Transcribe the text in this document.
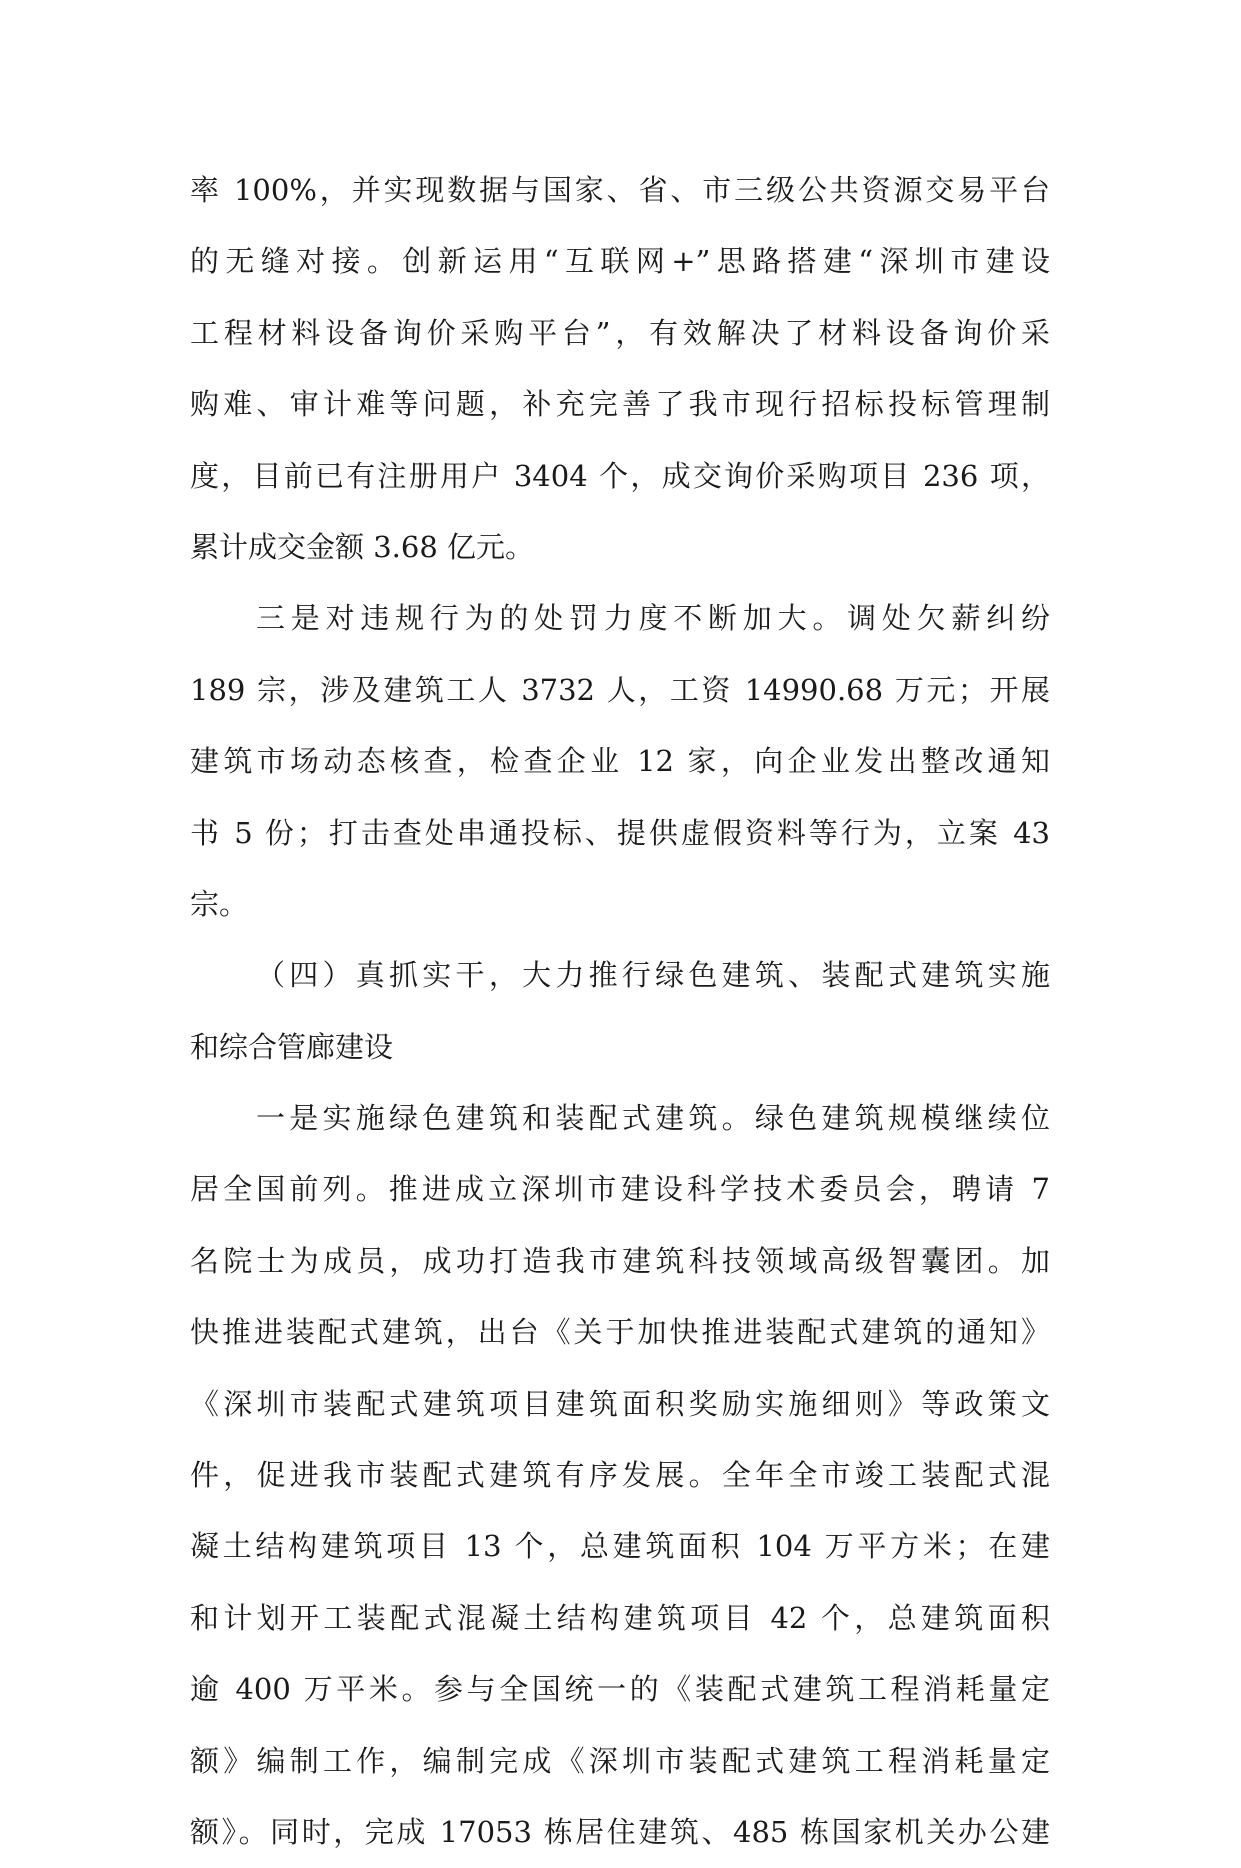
率 100%，并实现数据与国家、省、市三级公共资源交易平台
的无缝对接。创新运用“互联网+”思路搭建“深圳市建设
工程材料设备询价采购平台”，有效解决了材料设备询价采
购难、审计难等问题，补充完善了我市现行招标投标管理制
度，目前已有注册用户 3404 个，成交询价采购项目 236 项，
累计成交金额 3.68 亿元。
三是对违规行为的处罚力度不断加大。调处欠薪纠纷
189 宗，涉及建筑工人 3732 人，工资 14990.68 万元；开展
建筑市场动态核查，检查企业 12 家，向企业发出整改通知
书 5 份；打击查处串通投标、提供虚假资料等行为，立案 43
宗。
（四）真抓实干，大力推行绿色建筑、装配式建筑实施
和综合管廊建设
一是实施绿色建筑和装配式建筑。绿色建筑规模继续位
居全国前列。推进成立深圳市建设科学技术委员会，聘请 7
名院士为成员，成功打造我市建筑科技领域高级智囊团。加
快推进装配式建筑，出台《关于加快推进装配式建筑的通知》
《深圳市装配式建筑项目建筑面积奖励实施细则》等政策文
件，促进我市装配式建筑有序发展。全年全市竣工装配式混
凝土结构建筑项目 13 个，总建筑面积 104 万平方米；在建
和计划开工装配式混凝土结构建筑项目 42 个，总建筑面积
逾 400 万平米。参与全国统一的《装配式建筑工程消耗量定
额》编制工作，编制完成《深圳市装配式建筑工程消耗量定
额》。同时，完成 17053 栋居住建筑、485 栋国家机关办公建
